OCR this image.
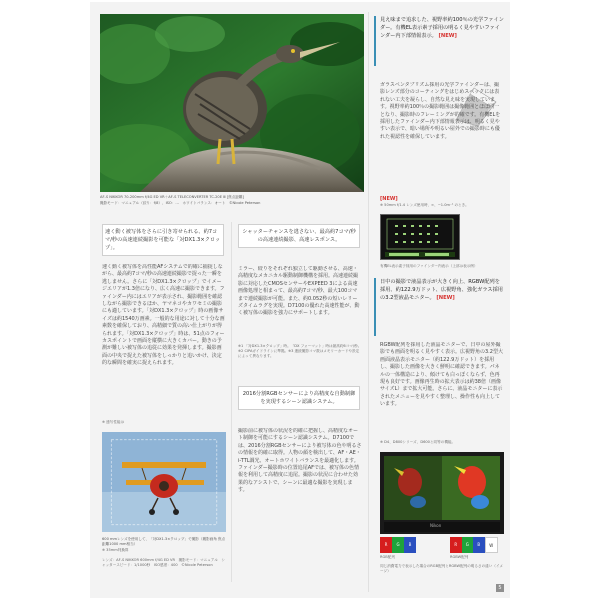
AF-S NIKKOR 70-200mm f/4G ED VR＋AF-S TELECONVERTER TC-20E Ⅲ [焦点距離]
撮影モード：マニュアル（絞り：f/8）、ISO：…　ホワイトバランス：オート　©Nicole Peterson
速く動く被写体をさらに引き寄せられる、約7コマ/秒の高速連続撮影を可能な「対DX1.3×クロップ」。
速く動く被写体を高性能AFシステムで的確に捕捉しながら、最高約7コマ/秒の高速連続撮影で捉った一瞬を逃しません。さらに「対DX1.3×クロップ」でイメージエリアが1.3倍になり、広く高速に撮影できます。ファインダー内にはエリアが表示され、撮影範囲を確認しながら撮影できるほか、ヤマネコやカワセミの撮影にも適しています。「対DX1.3×クロップ」時の画像サイズは約1540万画素。一般的な用途に対して十分な画素数を確保しており、高精細で質の高い仕上がりが得られます。「対DX1.3×クロップ」時は、51点のフォーカスポイントで画面を縦横に大きくカバー。動きの予測が難しい被写体の追従に効果を発揮します。撮影画面の中央で捉えた被写体をしっかりと追いかけ、決定的な瞬間を確実に捉えられます。
※ 連写性能は
600 mmレンズを使用して、「対DX1.3×クロップ」で撮影（撮影画角 焦点距離1000 mm相当）
※ 35mm判換算
レンズ：AF-S NIKKOR 600mm f/4G ED VR　撮影モード：マニュアル　シャッタースピード：1/1000秒　ISO感度：400　©Nicole Peterson
シャッターチャンスを逃さない、最高約7コマ/秒の高速連続撮影、高速レスポンス。
ミラー、絞りをそれぞれ独立して駆動させる、高速・高精度なメカニカル駆動制御機構を採用。高速連続撮影に対応したCMOSセンサーやEXPEED 3による高速画像処理と相まって、最高約7コマ/秒、最大100コマまで連続撮影が可能。また、約0.052秒の短いレリーズタイムラグを実現。D7100の優れた高速性能が、動く被写体の撮影を強力にサポートします。
※1 「対DX1.3×クロップ」時。「DX フォーマット」時は最高約6コマ/秒。※2 CIPAガイドラインに準拠。※3 連続撮影コマ数はメモリーカードや設定によって異なります。
2016分割RGBセンサーにより高精度な自動制御を実現するシーン認識システム。
撮影前に被写体の状況を的確に把握し、高精度なオート制御を可能にするシーン認識システム。D7100では、2016分割RGBセンサーにより被写体の色や明るさの情報を的確に取得。人物の顔を検出して、AF・AE・i-TTL調光、オートホワイトバランスを最適化します。ファインダー撮影時の位置追尾AFでは、被写体の色情報を利用して高精度に追尾。撮影の状況に合わせた効果的なアシストで、シーンに最適な撮影を実現します。
見え味まで追求した、視野率約100％の光学ファインダー。有機EL表示素子採用の明るく見やすいファインダー内下部情報表示。 [NEW]
ガラスペンタプリズム採用の光学ファインダーは、撮影レンズ部分のコーティングをはじめスペックには表れない工夫を凝らし、自然な見え味を実現しています。視野率約100％の撮影範囲は撮像範囲とほぼ同一となり、撮影時のフレーミングが的確です。有機ELを採用したファインダー内下部情報表示は、明るく見やすい表示で、暗い場所や明るい屋外での撮影時にも優れた視認性を確保しています。
[NEW]
※ 50mm f/1.4 レンズ使用時、∞、−1.0m⁻¹ のとき。
有機EL表示素子採用のファインダー内表示（上部は表示例）
日中の撮影で液晶表示が大きく向上、RGBW配列を採用、約122.9万ドット、広視野角、強化ガラス採用の3.2型液晶モニター。 [NEW]
RGBW配列を採用した液晶モニターで、日中の屋外撮影でも画面を明るく見やすく表示。広視野角の3.2型大画面液晶表示モニター（約122.9万ドット）を採用し、撮影した画像を大きく鮮明に確認できます。パネルの一体構造により、傾けても白っぽくならず、色再現も良好です。画像再生時の拡大表示は約38倍（画像サイズL）まで拡大可能。さらに、液晶モニターに表示されたメニューを見やすく整理し、操作性も向上しています。
※ D4、D800シリーズ、D600と同等の機能。
Nikon
R	G	B	R	G	B	W
RGB配列	RGBW配列
同じ消費電力で表示した場合のRGB配列とRGBW配列の明るさの違い（イメージ）
5
